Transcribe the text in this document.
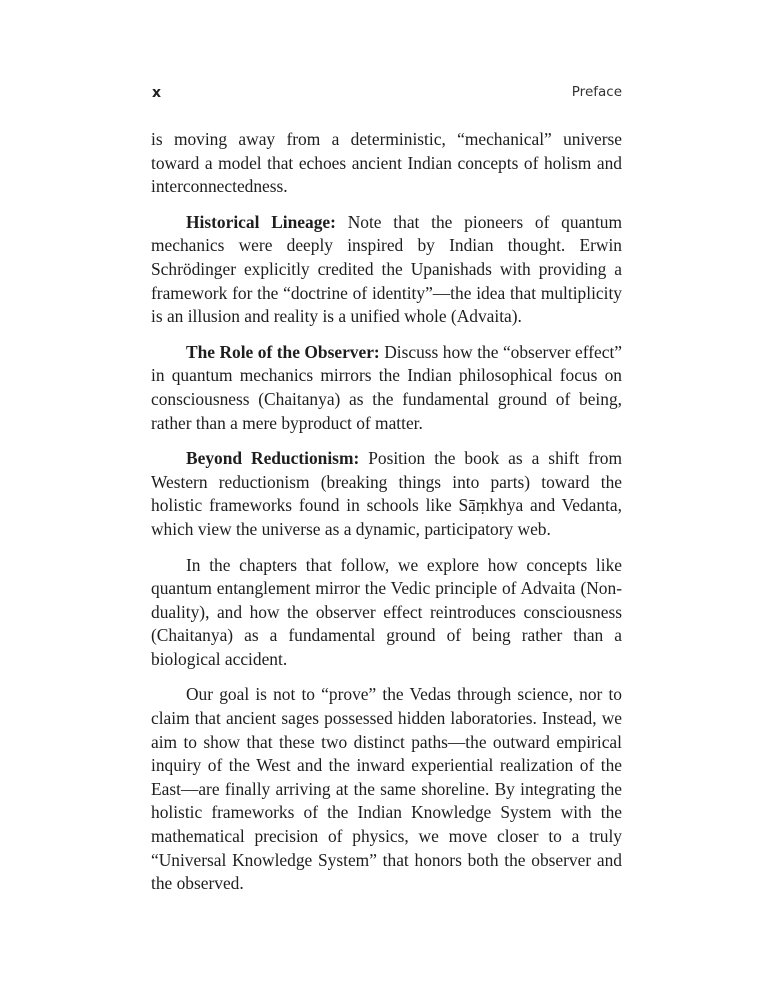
x	Preface

is moving away from a deterministic, “mechanical” universe toward a model that echoes ancient Indian concepts of holism and interconnectedness.

Historical Lineage: Note that the pioneers of quantum mechanics were deeply inspired by Indian thought. Erwin Schrödinger explicitly credited the Upanishads with providing a framework for the “doctrine of identity”—the idea that multiplicity is an illusion and reality is a unified whole (Advaita).

The Role of the Observer: Discuss how the “observer effect” in quantum mechanics mirrors the Indian philosophical focus on consciousness (Chaitanya) as the fundamental ground of being, rather than a mere byproduct of matter.

Beyond Reductionism: Position the book as a shift from Western reductionism (breaking things into parts) toward the holistic frameworks found in schools like Sāṃkhya and Vedanta, which view the universe as a dynamic, participatory web.

In the chapters that follow, we explore how concepts like quantum entanglement mirror the Vedic principle of Advaita (Non-duality), and how the observer effect reintroduces consciousness (Chaitanya) as a fundamental ground of being rather than a biological accident.

Our goal is not to “prove” the Vedas through science, nor to claim that ancient sages possessed hidden laboratories. Instead, we aim to show that these two distinct paths—the outward empirical inquiry of the West and the inward experiential realization of the East—are finally arriving at the same shoreline. By integrating the holistic frameworks of the Indian Knowledge System with the mathematical precision of physics, we move closer to a truly “Universal Knowledge System” that honors both the observer and the observed.
